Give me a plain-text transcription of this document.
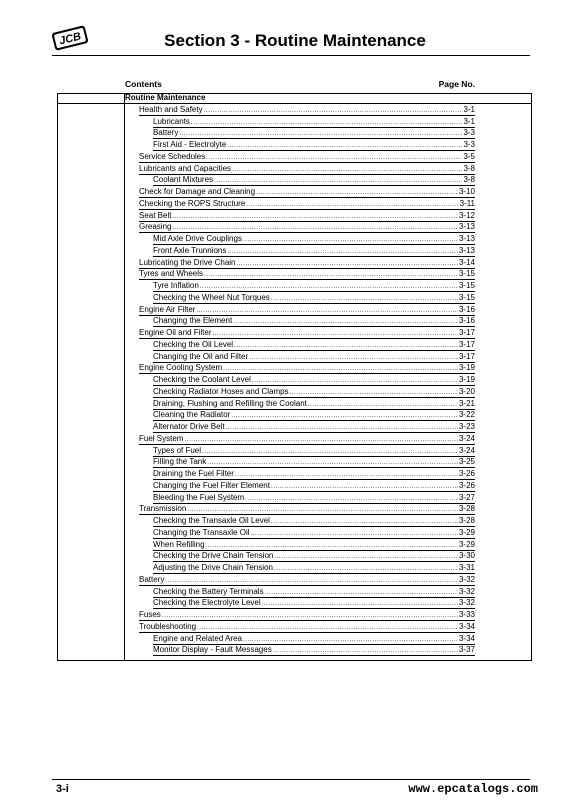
JCB	Section 3 - Routine Maintenance
Contents	Page No.
Routine Maintenance
Health and Safety .....	3-1
Lubricants .....	3-1
Battery .....	3-3
First Aid - Electrolyte .....	3-3
Service Schedules .....	3-5
Lubricants and Capacities .....	3-8
Coolant Mixtures .....	3-8
Check for Damage and Cleaning .....	3-10
Checking the ROPS Structure .....	3-11
Seat Belt .....	3-12
Greasing .....	3-13
Mid Axle Drive Couplings .....	3-13
Front Axle Trunnions .....	3-13
Lubricating the Drive Chain .....	3-14
Tyres and Wheels .....	3-15
Tyre Inflation .....	3-15
Checking the Wheel Nut Torques .....	3-15
Engine Air Filter .....	3-16
Changing the Element .....	3-16
Engine Oil and Filter .....	3-17
Checking the Oil Level .....	3-17
Changing the Oil and Filter .....	3-17
Engine Cooling System .....	3-19
Checking the Coolant Level .....	3-19
Checking Radiator Hoses and Clamps .....	3-20
Draining, Flushing and Refilling the Coolant .....	3-21
Cleaning the Radiator .....	3-22
Alternator Drive Belt .....	3-23
Fuel System .....	3-24
Types of Fuel .....	3-24
Filling the Tank .....	3-25
Draining the Fuel Filter .....	3-26
Changing the Fuel Filter Element .....	3-26
Bleeding the Fuel System .....	3-27
Transmission .....	3-28
Checking the Transaxle Oil Level .....	3-28
Changing the Transaxle Oil .....	3-29
When Refilling .....	3-29
Checking the Drive Chain Tension .....	3-30
Adjusting the Drive Chain Tension .....	3-31
Battery .....	3-32
Checking the Battery Terminals .....	3-32
Checking the Electrolyte Level .....	3-32
Fuses .....	3-33
Troubleshooting .....	3-34
Engine and Related Area .....	3-34
Monitor Display - Fault Messages .....	3-37
3-i	www.epcatalogs.com
